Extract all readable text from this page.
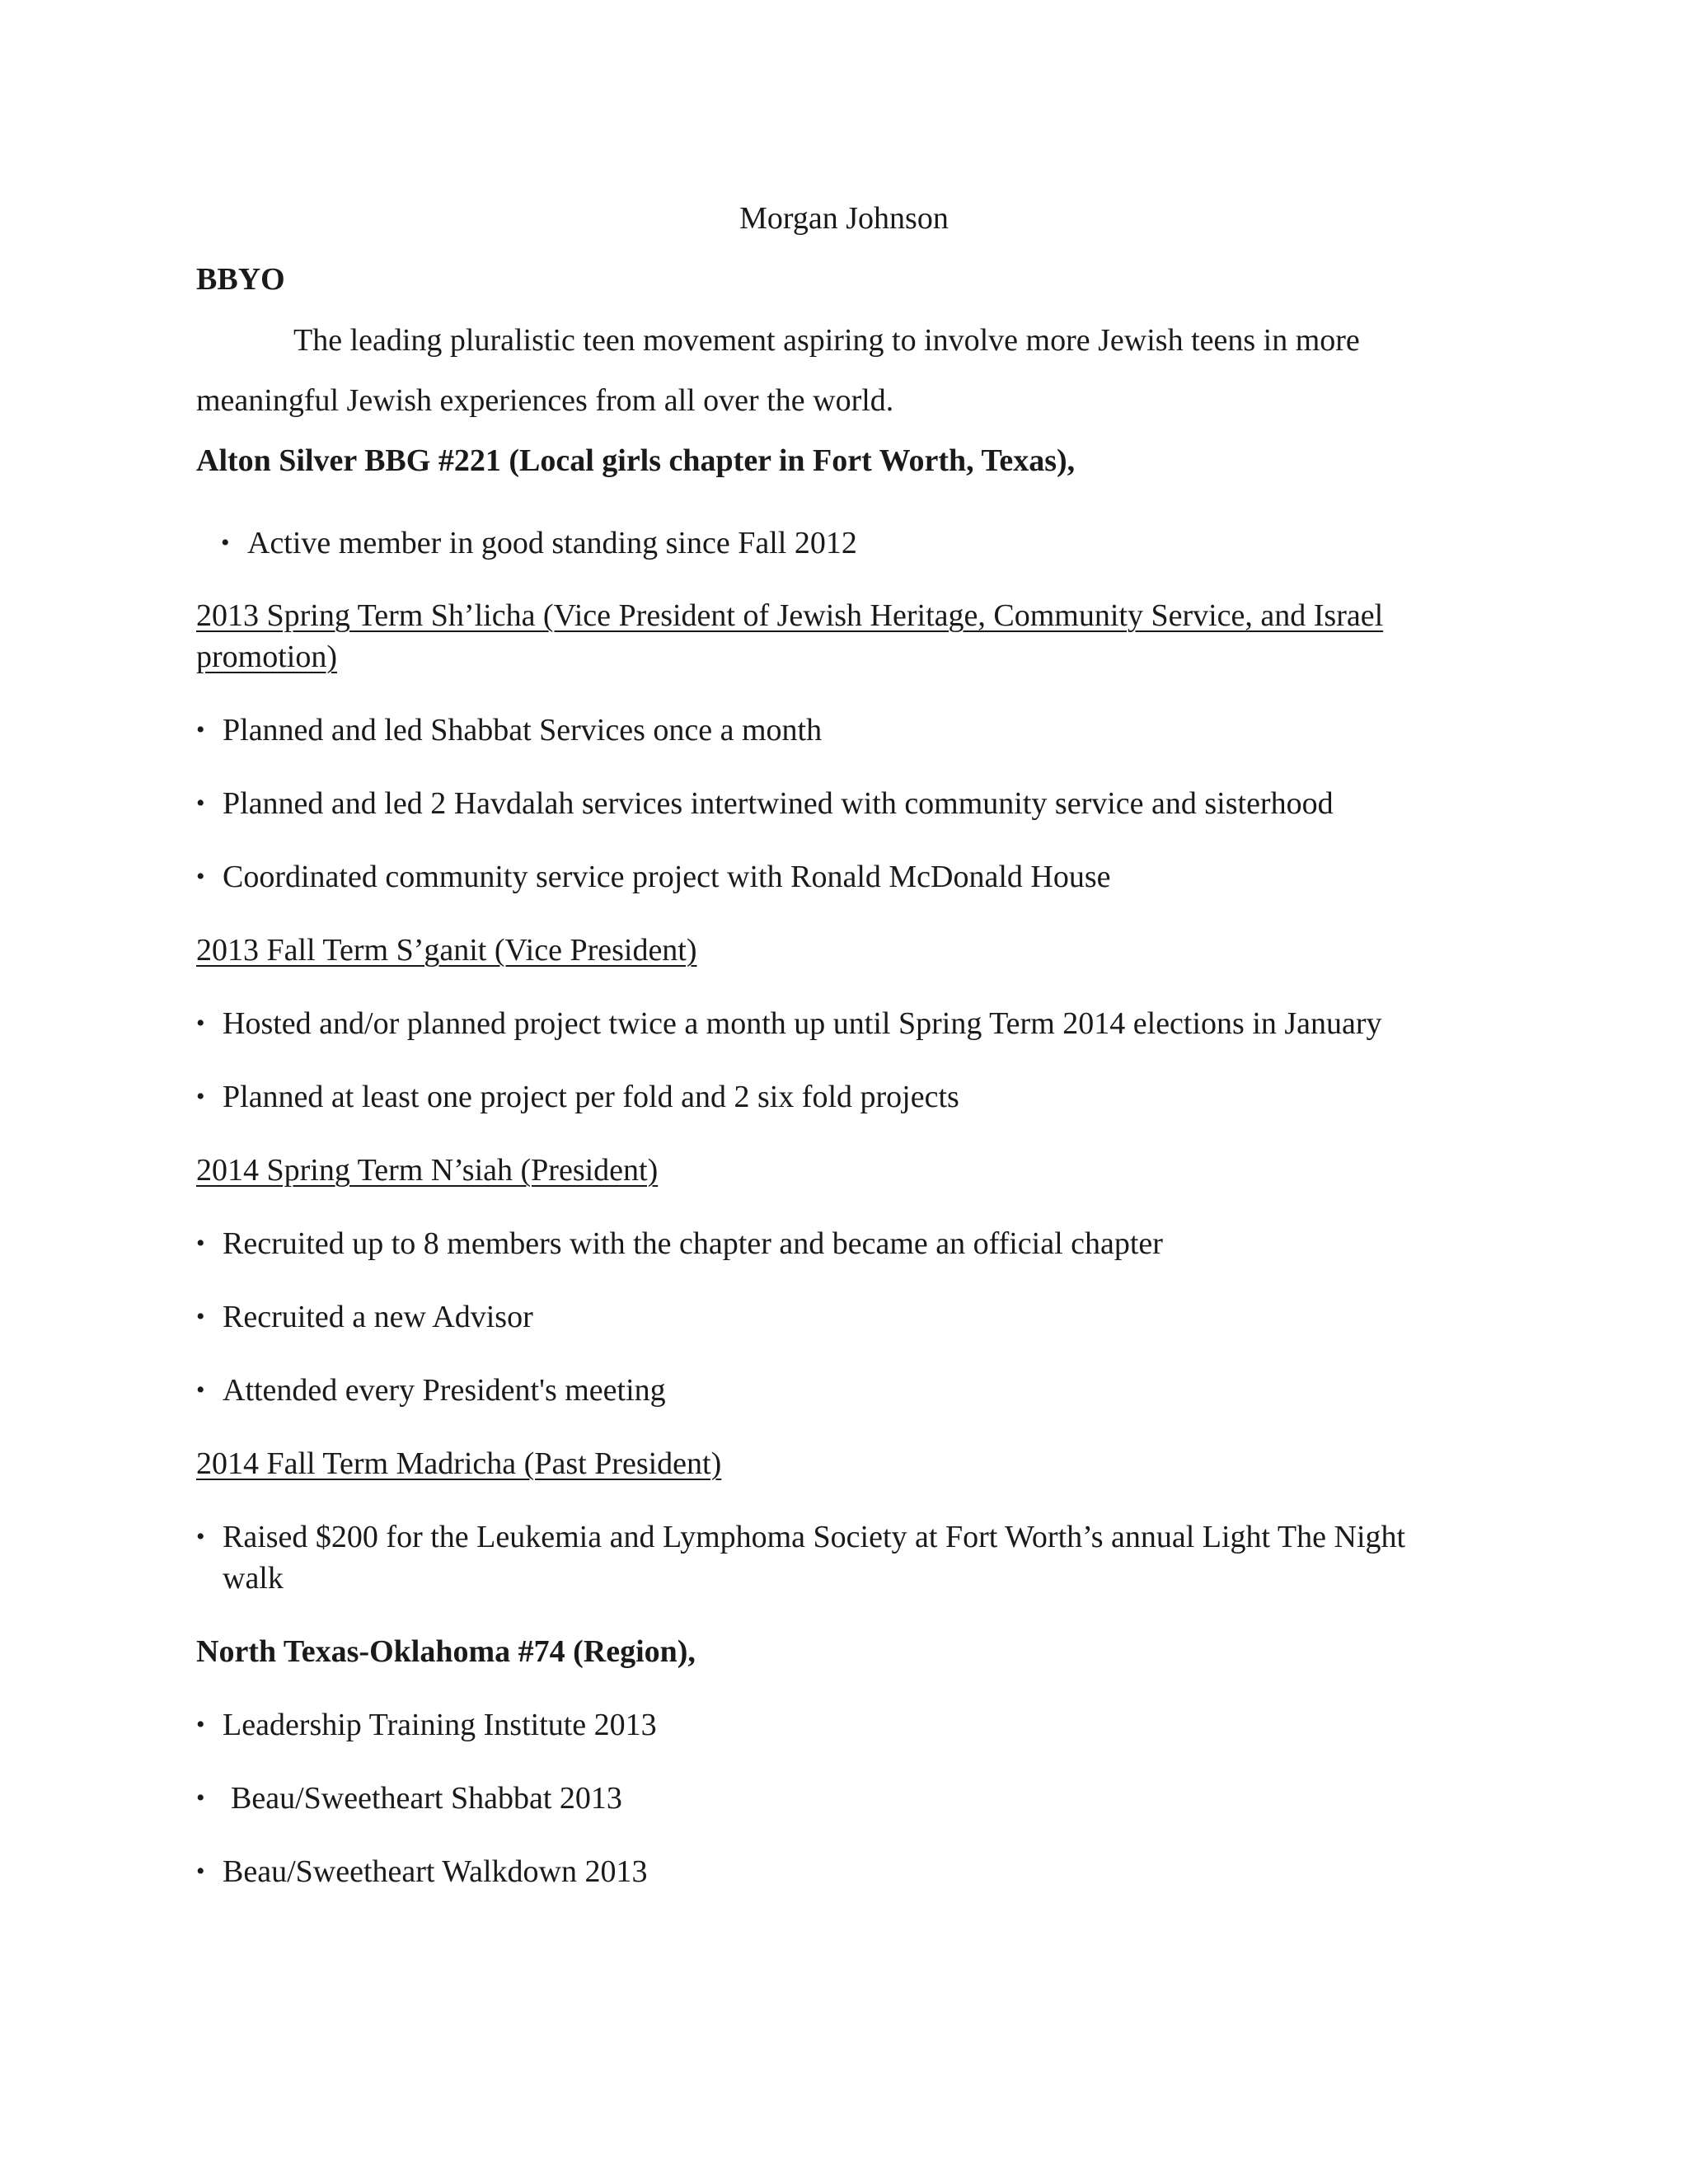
Morgan Johnson
BBYO
The leading pluralistic teen movement aspiring to involve more Jewish teens in more
meaningful Jewish experiences from all over the world.
Alton Silver BBG #221 (Local girls chapter in Fort Worth, Texas),
• Active member in good standing since Fall 2012
2013 Spring Term Sh’licha (Vice President of Jewish Heritage, Community Service, and Israel
promotion)
• Planned and led Shabbat Services once a month
• Planned and led 2 Havdalah services intertwined with community service and sisterhood
• Coordinated community service project with Ronald McDonald House
2013 Fall Term S’ganit (Vice President)
• Hosted and/or planned project twice a month up until Spring Term 2014 elections in January
• Planned at least one project per fold and 2 six fold projects
2014 Spring Term N’siah (President)
• Recruited up to 8 members with the chapter and became an official chapter
• Recruited a new Advisor
• Attended every President's meeting
2014 Fall Term Madricha (Past President)
• Raised $200 for the Leukemia and Lymphoma Society at Fort Worth’s annual Light The Night
walk
North Texas-Oklahoma #74 (Region),
• Leadership Training Institute 2013
• Beau/Sweetheart Shabbat 2013
• Beau/Sweetheart Walkdown 2013
